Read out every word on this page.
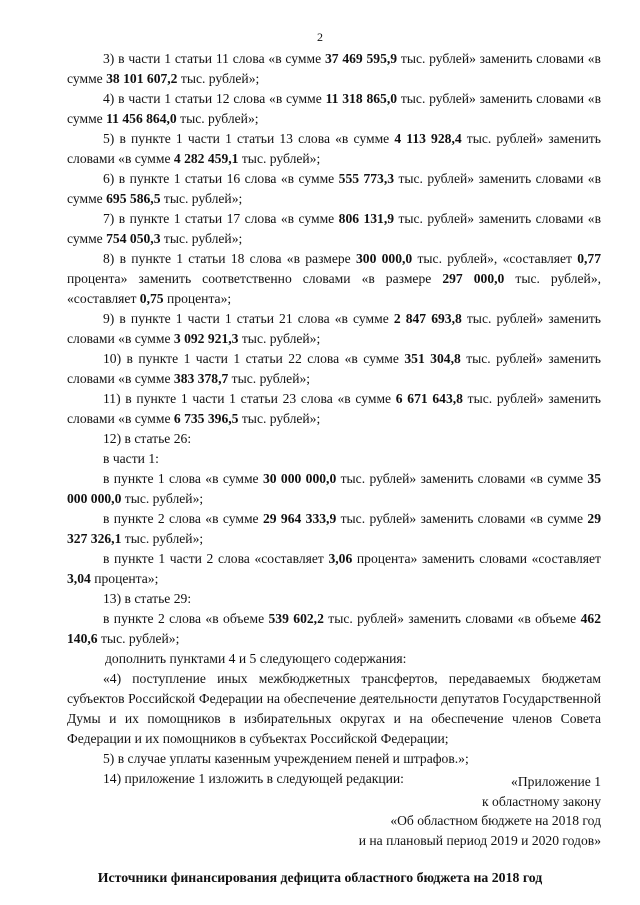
2

3) в части 1 статьи 11 слова «в сумме 37 469 595,9 тыс. рублей» заменить словами «в сумме 38 101 607,2 тыс. рублей»;

4) в части 1 статьи 12 слова «в сумме 11 318 865,0 тыс. рублей» заменить словами «в сумме 11 456 864,0 тыс. рублей»;

5) в пункте 1 части 1 статьи 13 слова «в сумме 4 113 928,4 тыс. рублей» заменить словами «в сумме 4 282 459,1 тыс. рублей»;

6) в пункте 1 статьи 16 слова «в сумме 555 773,3 тыс. рублей» заменить словами «в сумме 695 586,5 тыс. рублей»;

7) в пункте 1 статьи 17 слова «в сумме 806 131,9 тыс. рублей» заменить словами «в сумме 754 050,3 тыс. рублей»;

8) в пункте 1 статьи 18 слова «в размере 300 000,0 тыс. рублей», «составляет 0,77 процента» заменить соответственно словами «в размере 297 000,0 тыс. рублей», «составляет 0,75 процента»;

9) в пункте 1 части 1 статьи 21 слова «в сумме 2 847 693,8 тыс. рублей» заменить словами «в сумме 3 092 921,3 тыс. рублей»;

10) в пункте 1 части 1 статьи 22 слова «в сумме 351 304,8 тыс. рублей» заменить словами «в сумме 383 378,7 тыс. рублей»;

11) в пункте 1 части 1 статьи 23 слова «в сумме 6 671 643,8 тыс. рублей» заменить словами «в сумме 6 735 396,5 тыс. рублей»;

12) в статье 26:

в части 1:

в пункте 1 слова «в сумме 30 000 000,0 тыс. рублей» заменить словами «в сумме 35 000 000,0 тыс. рублей»;

в пункте 2 слова «в сумме 29 964 333,9 тыс. рублей» заменить словами «в сумме 29 327 326,1 тыс. рублей»;

в пункте 1 части 2 слова «составляет 3,06 процента» заменить словами «составляет 3,04 процента»;

13) в статье 29:

в пункте 2 слова «в объеме 539 602,2 тыс. рублей» заменить словами «в объеме 462 140,6 тыс. рублей»;

дополнить пунктами 4 и 5 следующего содержания:

«4) поступление иных межбюджетных трансфертов, передаваемых бюджетам субъектов Российской Федерации на обеспечение деятельности депутатов Государственной Думы и их помощников в избирательных округах и на обеспечение членов Совета Федерации и их помощников в субъектах Российской Федерации;

5) в случае уплаты казенным учреждением пеней и штрафов.»;

14) приложение 1 изложить в следующей редакции:	«Приложение 1
к областному закону
«Об областном бюджете на 2018 год
и на плановый период 2019 и 2020 годов»
Источники финансирования дефицита областного бюджета на 2018 год
